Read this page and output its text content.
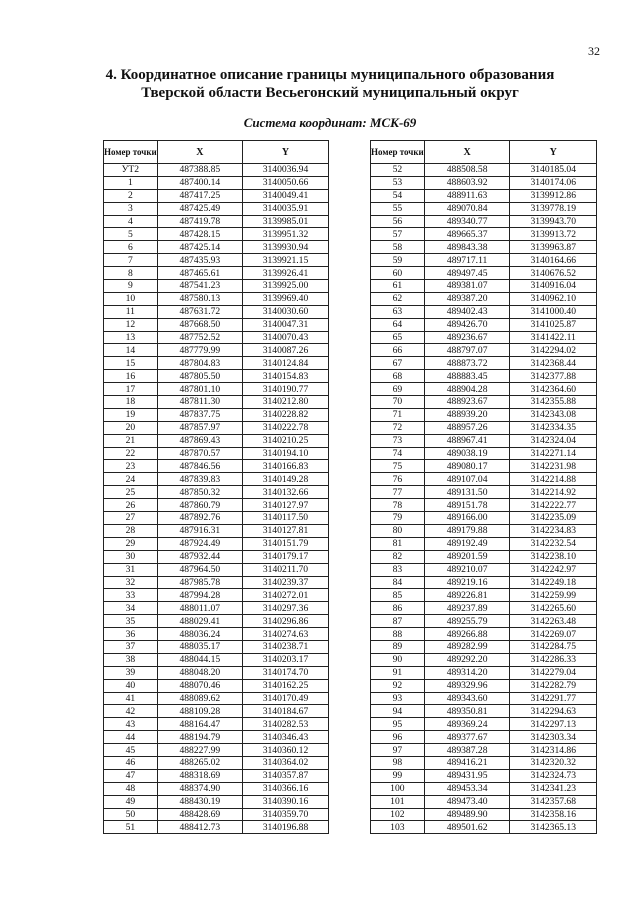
32
4. Координатное описание границы муниципального образования
Тверской области Весьегонский муниципальный округ
Система координат: МСК-69
Номер точки	X	Y
УТ2	487388.85	3140036.94
1	487400.14	3140050.66
2	487417.25	3140049.41
3	487425.49	3140035.91
4	487419.78	3139985.01
5	487428.15	3139951.32
6	487425.14	3139930.94
7	487435.93	3139921.15
8	487465.61	3139926.41
9	487541.23	3139925.00
10	487580.13	3139969.40
11	487631.72	3140030.60
12	487668.50	3140047.31
13	487752.52	3140070.43
14	487779.99	3140087.26
15	487804.83	3140124.84
16	487805.50	3140154.83
17	487801.10	3140190.77
18	487811.30	3140212.80
19	487837.75	3140228.82
20	487857.97	3140222.78
21	487869.43	3140210.25
22	487870.57	3140194.10
23	487846.56	3140166.83
24	487839.83	3140149.28
25	487850.32	3140132.66
26	487860.79	3140127.97
27	487892.76	3140117.50
28	487916.31	3140127.81
29	487924.49	3140151.79
30	487932.44	3140179.17
31	487964.50	3140211.70
32	487985.78	3140239.37
33	487994.28	3140272.01
34	488011.07	3140297.36
35	488029.41	3140296.86
36	488036.24	3140274.63
37	488035.17	3140238.71
38	488044.15	3140203.17
39	488048.20	3140174.70
40	488070.46	3140162.25
41	488089.62	3140170.49
42	488109.28	3140184.67
43	488164.47	3140282.53
44	488194.79	3140346.43
45	488227.99	3140360.12
46	488265.02	3140364.02
47	488318.69	3140357.87
48	488374.90	3140366.16
49	488430.19	3140390.16
50	488428.69	3140359.70
51	488412.73	3140196.88
Номер точки	X	Y
52	488508.58	3140185.04
53	488603.92	3140174.06
54	488911.63	3139912.86
55	489070.84	3139778.19
56	489340.77	3139943.70
57	489665.37	3139913.72
58	489843.38	3139963.87
59	489717.11	3140164.66
60	489497.45	3140676.52
61	489381.07	3140916.04
62	489387.20	3140962.10
63	489402.43	3141000.40
64	489426.70	3141025.87
65	489236.67	3141422.11
66	488797.07	3142294.02
67	488873.72	3142368.44
68	488883.45	3142377.88
69	488904.28	3142364.60
70	488923.67	3142355.88
71	488939.20	3142343.08
72	488957.26	3142334.35
73	488967.41	3142324.04
74	489038.19	3142271.14
75	489080.17	3142231.98
76	489107.04	3142214.88
77	489131.50	3142214.92
78	489151.78	3142222.77
79	489166.00	3142235.09
80	489179.88	3142234.83
81	489192.49	3142232.54
82	489201.59	3142238.10
83	489210.07	3142242.97
84	489219.16	3142249.18
85	489226.81	3142259.99
86	489237.89	3142265.60
87	489255.79	3142263.48
88	489266.88	3142269.07
89	489282.99	3142284.75
90	489292.20	3142286.33
91	489314.20	3142279.04
92	489329.96	3142282.79
93	489343.60	3142291.77
94	489350.81	3142294.63
95	489369.24	3142297.13
96	489377.67	3142303.34
97	489387.28	3142314.86
98	489416.21	3142320.32
99	489431.95	3142324.73
100	489453.34	3142341.23
101	489473.40	3142357.68
102	489489.90	3142358.16
103	489501.62	3142365.13
